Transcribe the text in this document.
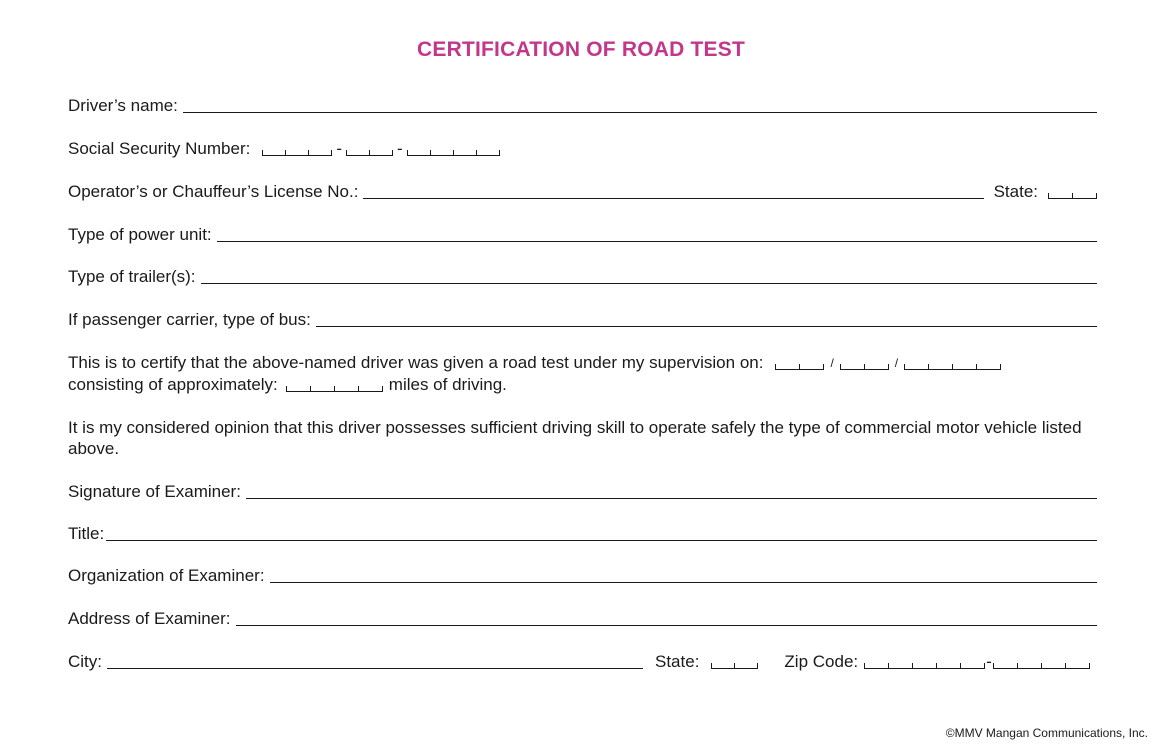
CERTIFICATION OF ROAD TEST
Driver’s name:
Social Security Number:	-	-
Operator’s or Chauffeur’s License No.:	State:
Type of power unit:
Type of trailer(s):
If passenger carrier, type of bus:
This is to certify that the above-named driver was given a road test under my supervision on:	/	/
consisting of approximately:	miles of driving.
It is my considered opinion that this driver possesses sufficient driving skill to operate safely the type of commercial motor vehicle listed above.
Signature of Examiner:
Title:
Organization of Examiner:
Address of Examiner:
City:	State:	Zip Code:	-
©MMV Mangan Communications, Inc.
